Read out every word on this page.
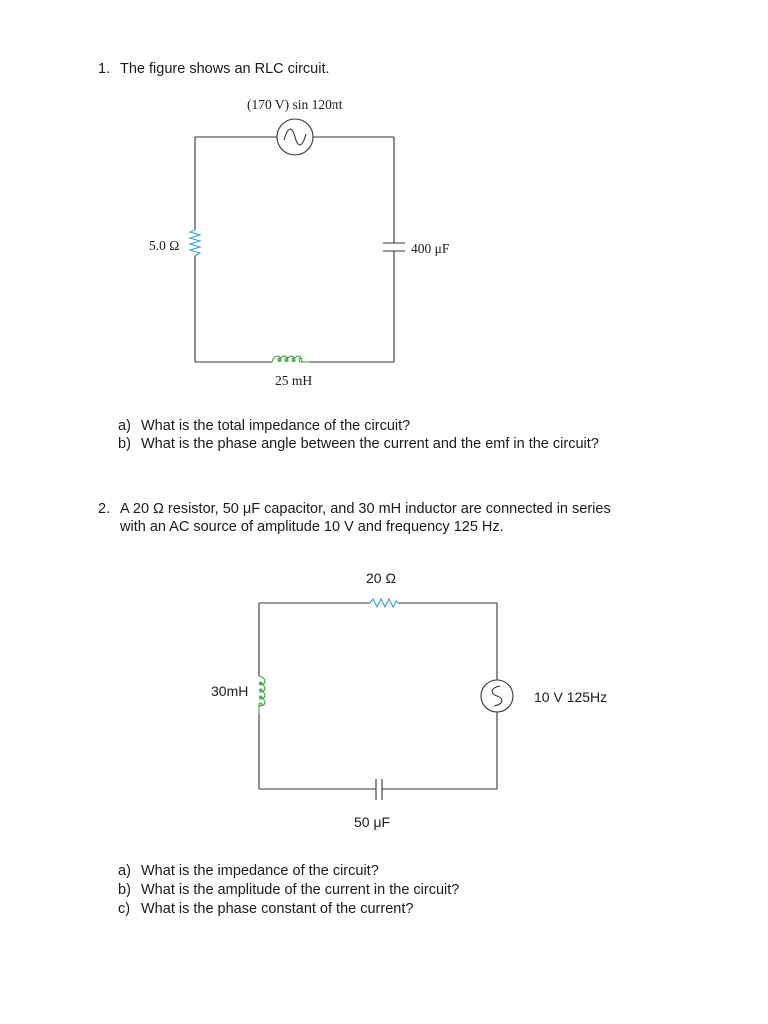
1. The figure shows an RLC circuit.
(170 V) sin 120πt
5.0 Ω	400 μF
25 mH
a) What is the total impedance of the circuit?
b) What is the phase angle between the current and the emf in the circuit?
2. A 20 Ω resistor, 50 μF capacitor, and 30 mH inductor are connected in series
with an AC source of amplitude 10 V and frequency 125 Hz.
20 Ω
30mH	10 V 125Hz
50 μF
a) What is the impedance of the circuit?
b) What is the amplitude of the current in the circuit?
c) What is the phase constant of the current?
